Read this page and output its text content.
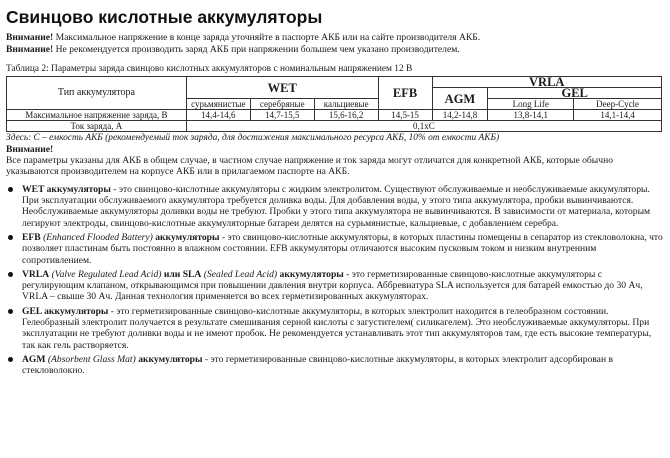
Свинцово кислотные аккумуляторы

Внимание! Максимальное напряжение в конце заряда уточняйте в паспорте АКБ или на сайте производителя АКБ.

Внимание! Не рекомендуется производить заряд АКБ при напряжении большем чем указано производителем.

Таблица 2: Параметры заряда свинцово кислотных аккумуляторов с номинальным напряжением 12 В

Тип аккумулятора	WET			EFB	VRLA		
					AGM	GEL	
	сурьмянистые	серебряные	кальциевые			Long Life	Deep-Cycle
Максимальное напряжение заряда, В	14,4-14,6	14,7-15,5	15,6-16,2	14,5-15	14,2-14,8	13,8-14,1	14,1-14,4
Ток заряда, А	0,1хС						

Здесь: С – емкость АКБ (рекомендуемый ток заряда, для достижения максимального ресурса АКБ, 10% от емкости АКБ)

Внимание!

Все параметры указаны для АКБ в общем случае, в частном случае напряжение и ток заряда могут отличатся для конкретной АКБ, которые обычно указываются производителем на корпусе АКБ или в прилагаемом паспорте на АКБ.

WET аккумуляторы - это свинцово-кислотные аккумуляторы с жидким электролитом. Существуют обслуживаемые и необслуживаемые аккумуляторы. При эксплуатации обслуживаемого аккумулятора требуется доливка воды. Для добавления воды, у этого типа аккумулятора, пробки вывинчиваются. Необслуживаемые аккумуляторы доливки воды не требуют. Пробки у этого типа аккумулятора не вывинчиваются. В зависимости от материала, которым легируют электроды, свинцово-кислотные аккумуляторные батареи делятся на сурьмянистые, кальциевые, с добавлением серебра.
EFB (Enhanced Flooded Battery) аккумуляторы - это свинцово-кислотные аккумуляторы, в которых пластины помещены в сепаратор из стекловолокна, что позволяет пластинам быть постоянно в влажном состоянии. EFB аккумуляторы отличаются высоким пусковым током и низким внутренним сопротивлением.
VRLA (Valve Regulated Lead Acid) или SLA (Sealed Lead Acid) аккумуляторы - это герметизированные свинцово-кислотные аккумуляторы с регулирующим клапаном, открывающимся при повышении давления внутри корпуса. Аббревиатура SLA используется для батарей емкостью до 30 Ач, VRLA – свыше 30 Ач. Данная технология применяется во всех герметизированных аккумуляторах.
GEL аккумуляторы - это герметизированные свинцово-кислотные аккумуляторы, в которых электролит находится в гелеобразном состоянии. Гелеобразный электролит получается в результате смешивания серной кислоты с загустителем( силикагелем). Это необслуживаемые аккумуляторы. При эксплуатации не требуют доливки воды и не имеют пробок. Не рекомендуется устанавливать этот тип аккумуляторов там, где есть высокие температуры, так как гель растворяется.
AGM (Absorbent Glass Mat) аккумуляторы - это герметизированные свинцово-кислотные аккумуляторы, в которых электролит адсорбирован в стекловолокно.
